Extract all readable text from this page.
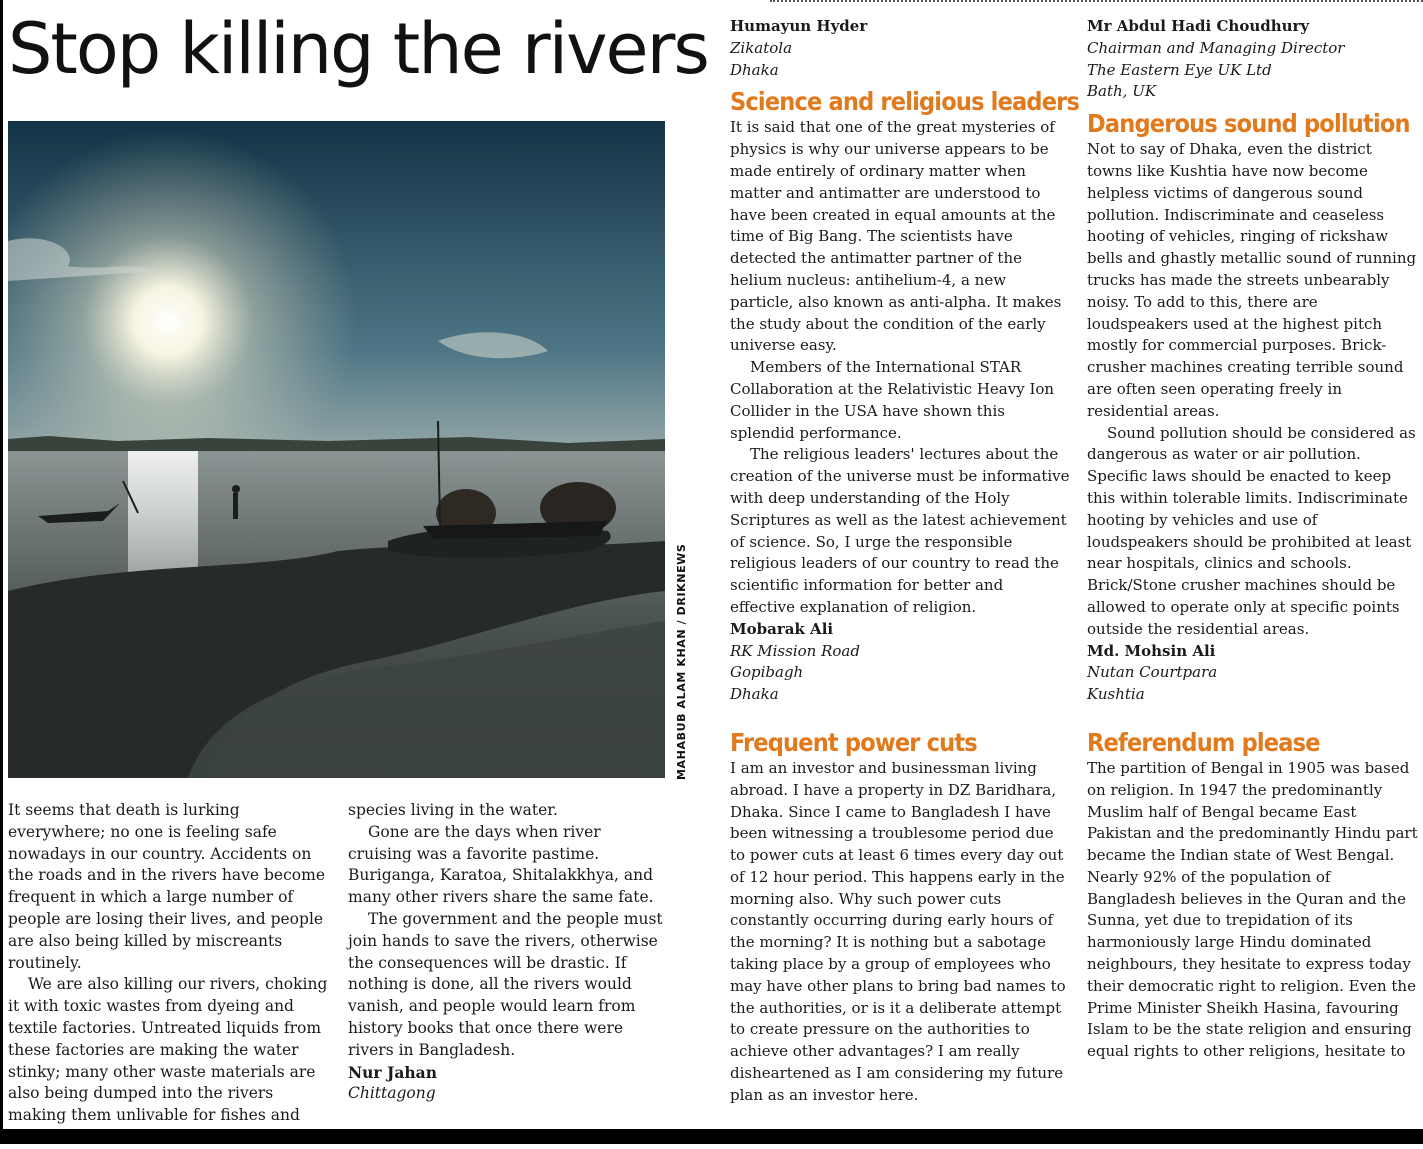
Stop killing the rivers
MAHABUB ALAM KHAN / DRIKNEWS

It seems that death is lurking everywhere; no one is feeling safe nowadays in our country. Accidents on the roads and in the rivers have become frequent in which a large number of people are losing their lives, and people are also being killed by miscreants routinely.

We are also killing our rivers, choking it with toxic wastes from dyeing and textile factories. Untreated liquids from these factories are making the water stinky; many other waste materials are also being dumped into the rivers making them unlivable for fishes and

species living in the water.

Gone are the days when river cruising was a favorite pastime. Buriganga, Karatoa, Shitalakkhya, and many other rivers share the same fate.

The government and the people must join hands to save the rivers, otherwise the consequences will be drastic. If nothing is done, all the rivers would vanish, and people would learn from history books that once there were rivers in Bangladesh.

Nur Jahan
Chittagong
Humayun Hyder
Zikatola
Dhaka
Science and religious leaders

It is said that one of the great mysteries of physics is why our universe appears to be made entirely of ordinary matter when matter and antimatter are understood to have been created in equal amounts at the time of Big Bang. The scientists have detected the antimatter partner of the helium nucleus: antihelium-4, a new particle, also known as anti-alpha. It makes the study about the condition of the early universe easy.

Members of the International STAR Collaboration at the Relativistic Heavy Ion Collider in the USA have shown this splendid performance.

The religious leaders' lectures about the creation of the universe must be informative with deep understanding of the Holy Scriptures as well as the latest achievement of science. So, I urge the responsible religious leaders of our country to read the scientific information for better and effective explanation of religion.

Mobarak Ali
RK Mission Road
Gopibagh
Dhaka
Frequent power cuts

I am an investor and businessman living abroad. I have a property in DZ Baridhara, Dhaka. Since I came to Bangladesh I have been witnessing a troublesome period due to power cuts at least 6 times every day out of 12 hour period. This happens early in the morning also. Why such power cuts constantly occurring during early hours of the morning? It is nothing but a sabotage taking place by a group of employees who may have other plans to bring bad names to the authorities, or is it a deliberate attempt to create pressure on the authorities to achieve other advantages? I am really disheartened as I am considering my future plan as an investor here.

Mr Abdul Hadi Choudhury
Chairman and Managing Director
The Eastern Eye UK Ltd
Bath, UK
Dangerous sound pollution

Not to say of Dhaka, even the district towns like Kushtia have now become helpless victims of dangerous sound pollution. Indiscriminate and ceaseless hooting of vehicles, ringing of rickshaw bells and ghastly metallic sound of running trucks has made the streets unbearably noisy. To add to this, there are loudspeakers used at the highest pitch mostly for commercial purposes. Brick-crusher machines creating terrible sound are often seen operating freely in residential areas.

Sound pollution should be considered as dangerous as water or air pollution. Specific laws should be enacted to keep this within tolerable limits. Indiscriminate hooting by vehicles and use of loudspeakers should be prohibited at least near hospitals, clinics and schools. Brick/Stone crusher machines should be allowed to operate only at specific points outside the residential areas.

Md. Mohsin Ali
Nutan Courtpara
Kushtia
Referendum please

The partition of Bengal in 1905 was based on religion. In 1947 the predominantly Muslim half of Bengal became East Pakistan and the predominantly Hindu part became the Indian state of West Bengal. Nearly 92% of the population of Bangladesh believes in the Quran and the Sunna, yet due to trepidation of its harmoniously large Hindu dominated neighbours, they hesitate to express today their democratic right to religion. Even the Prime Minister Sheikh Hasina, favouring Islam to be the state religion and ensuring equal rights to other religions, hesitate to
